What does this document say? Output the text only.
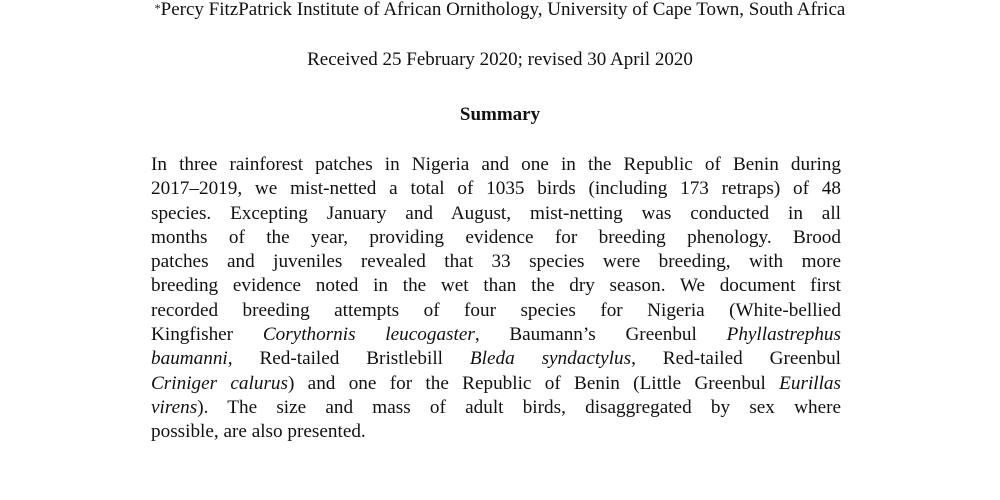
*Percy FitzPatrick Institute of African Ornithology, University of Cape Town, South Africa
Received 25 February 2020; revised 30 April 2020
Summary
In three rainforest patches in Nigeria and one in the Republic of Benin during
2017–2019, we mist-netted a total of 1035 birds (including 173 retraps) of 48
species. Excepting January and August, mist-netting was conducted in all
months of the year, providing evidence for breeding phenology. Brood
patches and juveniles revealed that 33 species were breeding, with more
breeding evidence noted in the wet than the dry season. We document first
recorded breeding attempts of four species for Nigeria (White-bellied
Kingfisher Corythornis leucogaster, Baumann’s Greenbul Phyllastrephus
baumanni, Red-tailed Bristlebill Bleda syndactylus, Red-tailed Greenbul
Criniger calurus) and one for the Republic of Benin (Little Greenbul Eurillas
virens). The size and mass of adult birds, disaggregated by sex where
possible, are also presented.
